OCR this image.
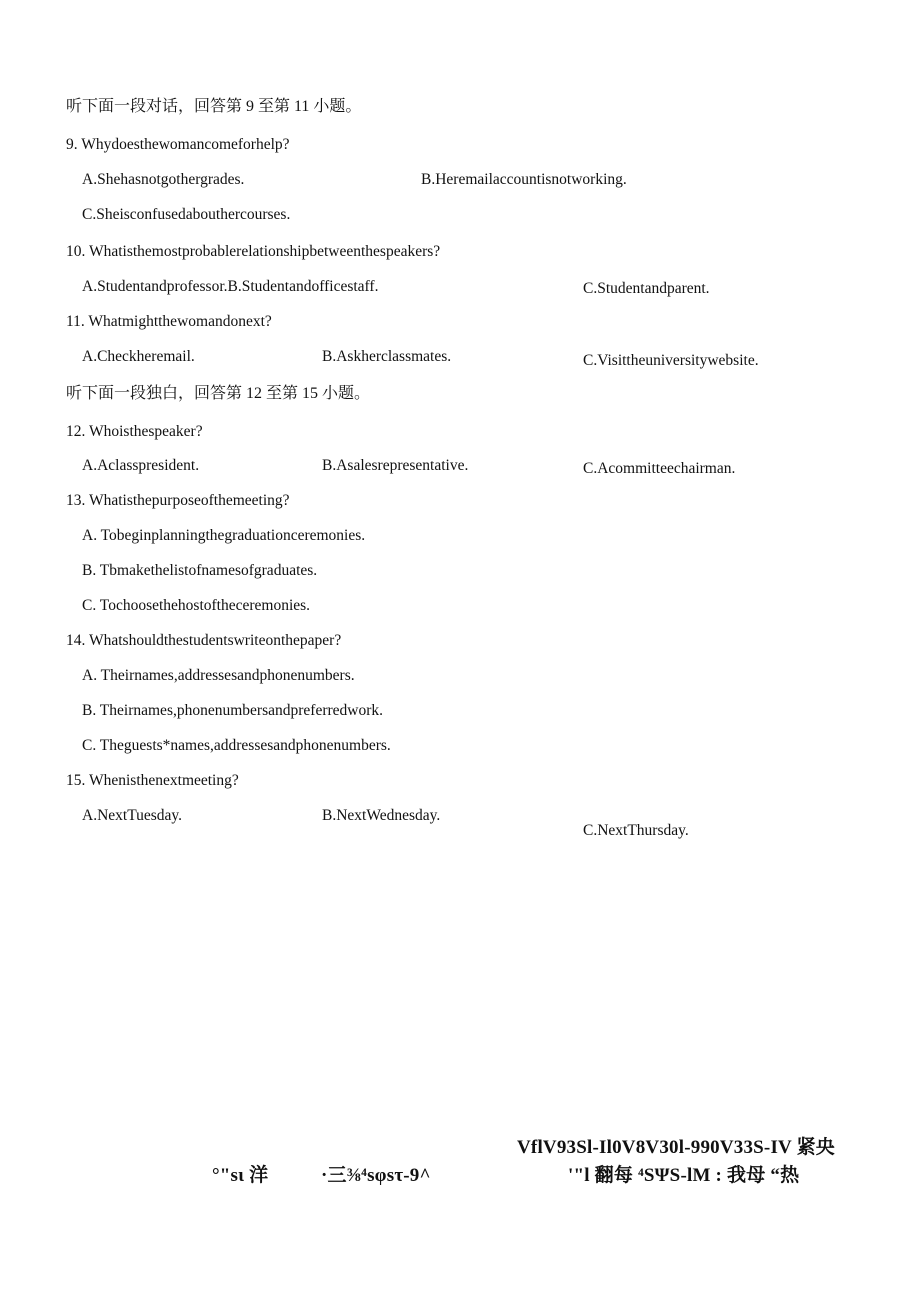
听下面一段对话，回答第 9 至第 11 小题。
9. Whydoesthewomancomeforhelp?
A.Shehasnotgothergrades.	B.Heremailaccountisnotworking.
C.Sheisconfusedabouthercourses.
10. Whatisthemostprobablerelationshipbetweenthespeakers?
A.Studentandprofessor.B.Studentandofficestaff.	C.Studentandparent.
11. Whatmightthewomandonext?
A.Checkheremail.	B.Askherclassmates.	C.Visittheuniversitywebsite.
听下面一段独白，回答第 12 至第 15 小题。
12. Whoisthespeaker?
A.Aclasspresident.	B.Asalesrepresentative.	C.Acommitteechairman.
13. Whatisthepurposeofthemeeting?
A. Tobeginplanningthegraduationceremonies.
B. Tbmakethelistofnamesofgraduates.
C. Tochoosethehostoftheceremonies.
14. Whatshouldthestudentswriteonthepaper?
A. Theirnames,addressesandphonenumbers.
B. Theirnames,phonenumbersandpreferredwork.
C. Theguests*names,addressesandphonenumbers.
15. Whenisthenextmeeting?
A.NextTuesday.	B.NextWednesday.
C.NextThursday.
VflV93Sl-Il0V8V30l-990V33S-IV 紧央
°"sι 洋	·三⅜⁴sφsτ-9^	'"l 翻每 ⁴SΨS-lM : 我母 “热
